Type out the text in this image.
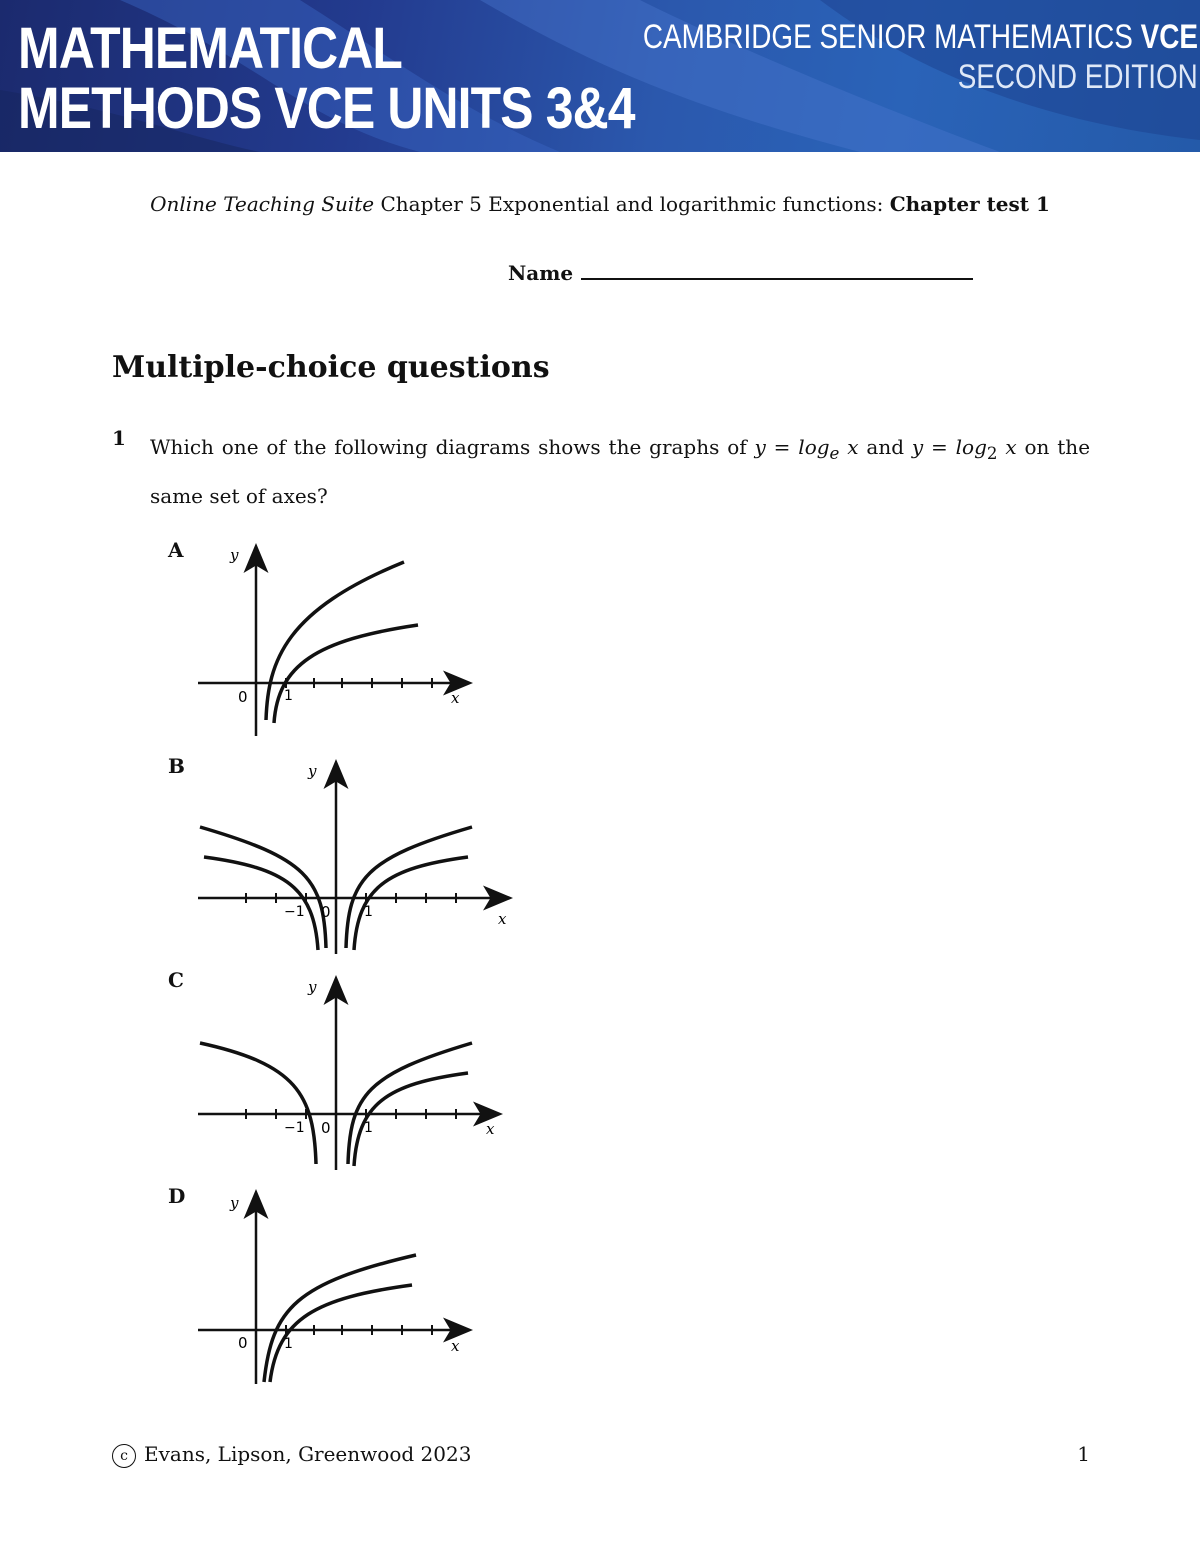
MATHEMATICAL
METHODS VCE UNITS 3&4
CAMBRIDGE SENIOR MATHEMATICS VCE
SECOND EDITION
Online Teaching Suite Chapter 5 Exponential and logarithmic functions: Chapter test 1
Name
Multiple-choice questions
1 Which one of the following diagrams shows the graphs of $y = \log_e x$ and $y = \log_2 x$ on the same set of axes?
A	y
x
0	1
B	y
x
0 1
−1
C	y
x
0 1
−1
D	y
x
0	1
c Evans, Lipson, Greenwood 2023	1
